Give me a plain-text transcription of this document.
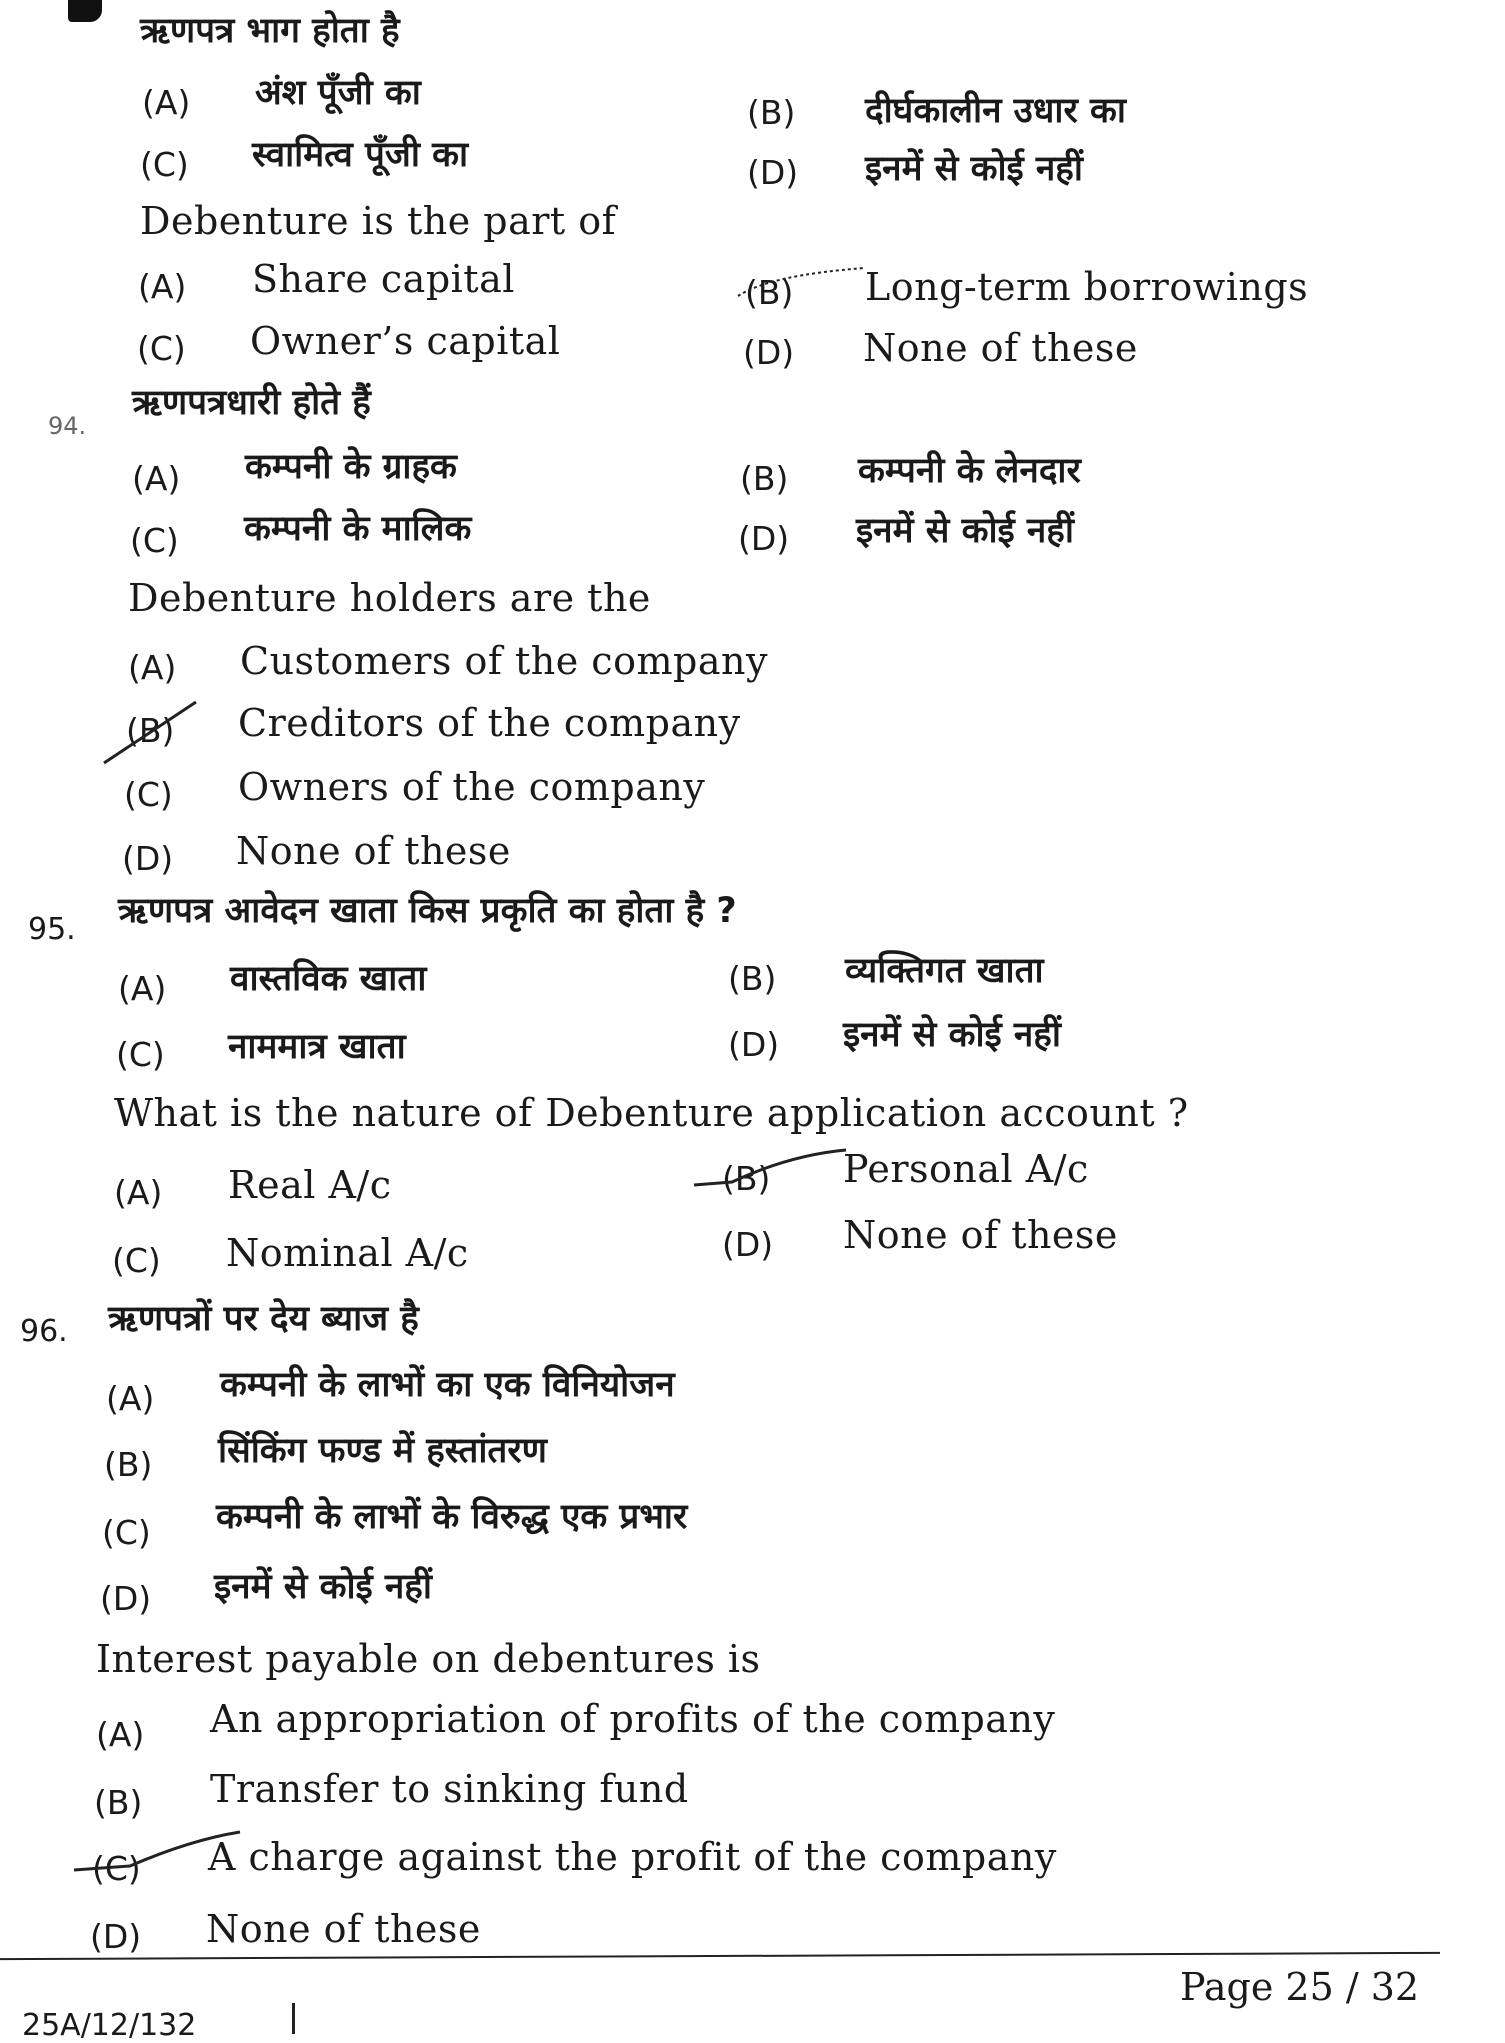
ऋणपत्र भाग होता है
(A) अंश पूँजी का	(B) दीर्घकालीन उधार का
(C) स्वामित्व पूँजी का	(D) इनमें से कोई नहीं
Debenture is the part of
(A) Share capital	(B) Long-term borrowings
(C) Owner’s capital	(D) None of these
94.
ऋणपत्रधारी होते हैं
(A) कम्पनी के ग्राहक	(B) कम्पनी के लेनदार
(C) कम्पनी के मालिक	(D) इनमें से कोई नहीं
Debenture holders are the
(A) Customers of the company
(B) Creditors of the company
(C) Owners of the company
(D) None of these
95. ऋणपत्र आवेदन खाता किस प्रकृति का होता है ?
(A) वास्तविक खाता	(B) व्यक्तिगत खाता
(C) नाममात्र खाता	(D) इनमें से कोई नहीं
What is the nature of Debenture application account ?
(A) Real A/c	(B) Personal A/c
(C) Nominal A/c	(D) None of these
96. ऋणपत्रों पर देय ब्याज है
(A) कम्पनी के लाभों का एक विनियोजन
(B) सिंकिंग फण्ड में हस्तांतरण
(C) कम्पनी के लाभों के विरुद्ध एक प्रभार
(D) इनमें से कोई नहीं
Interest payable on debentures is
(A) An appropriation of profits of the company
(B) Transfer to sinking fund
(C) A charge against the profit of the company
(D) None of these
Page 25 / 32
25A/12/132
